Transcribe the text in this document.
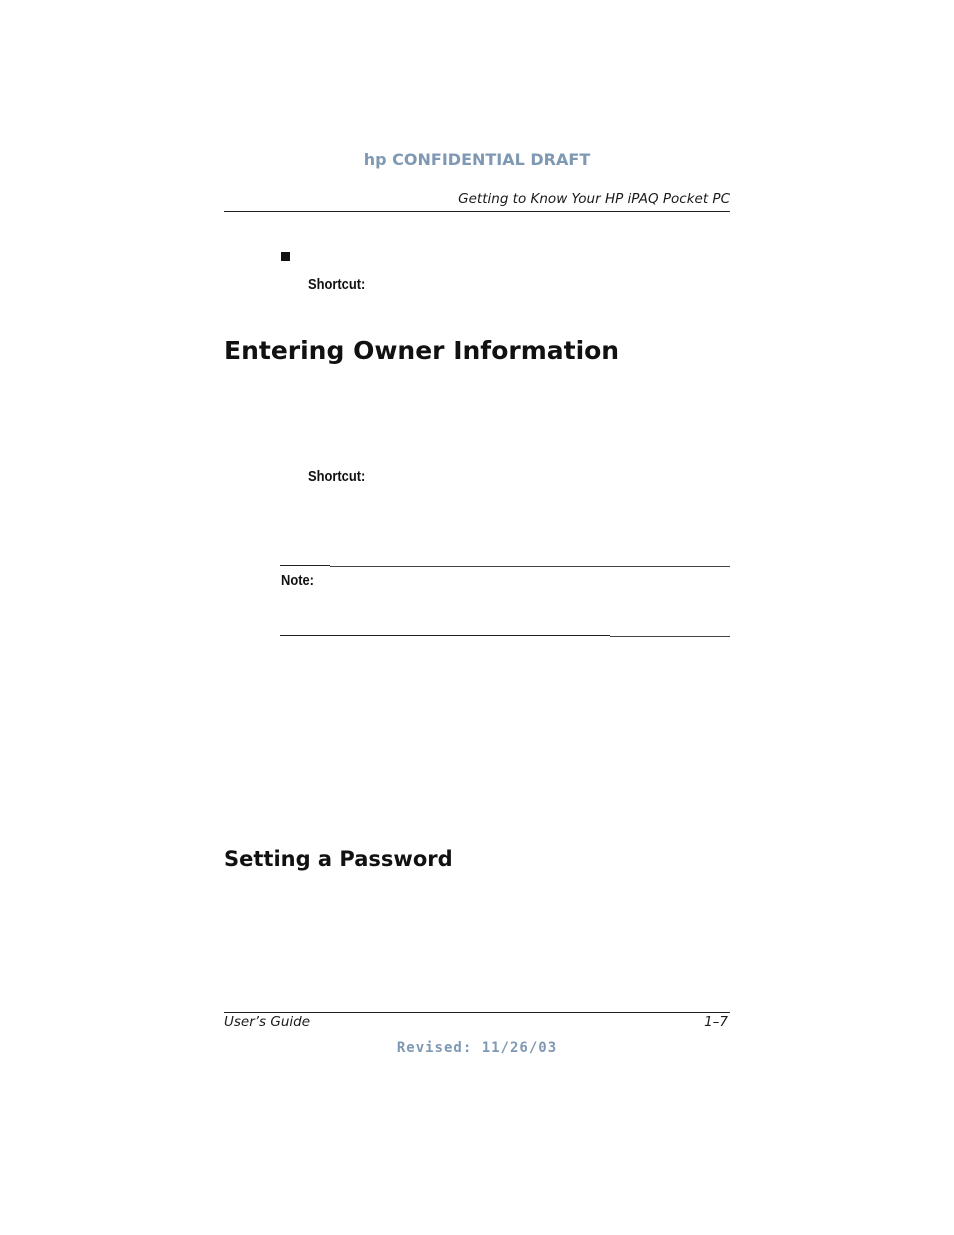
hp CONFIDENTIAL DRAFT
Getting to Know Your HP iPAQ Pocket PC
Shortcut:
Entering Owner Information
Shortcut:
Note:
Setting a Password
User’s Guide	1–7
Revised: 11/26/03
